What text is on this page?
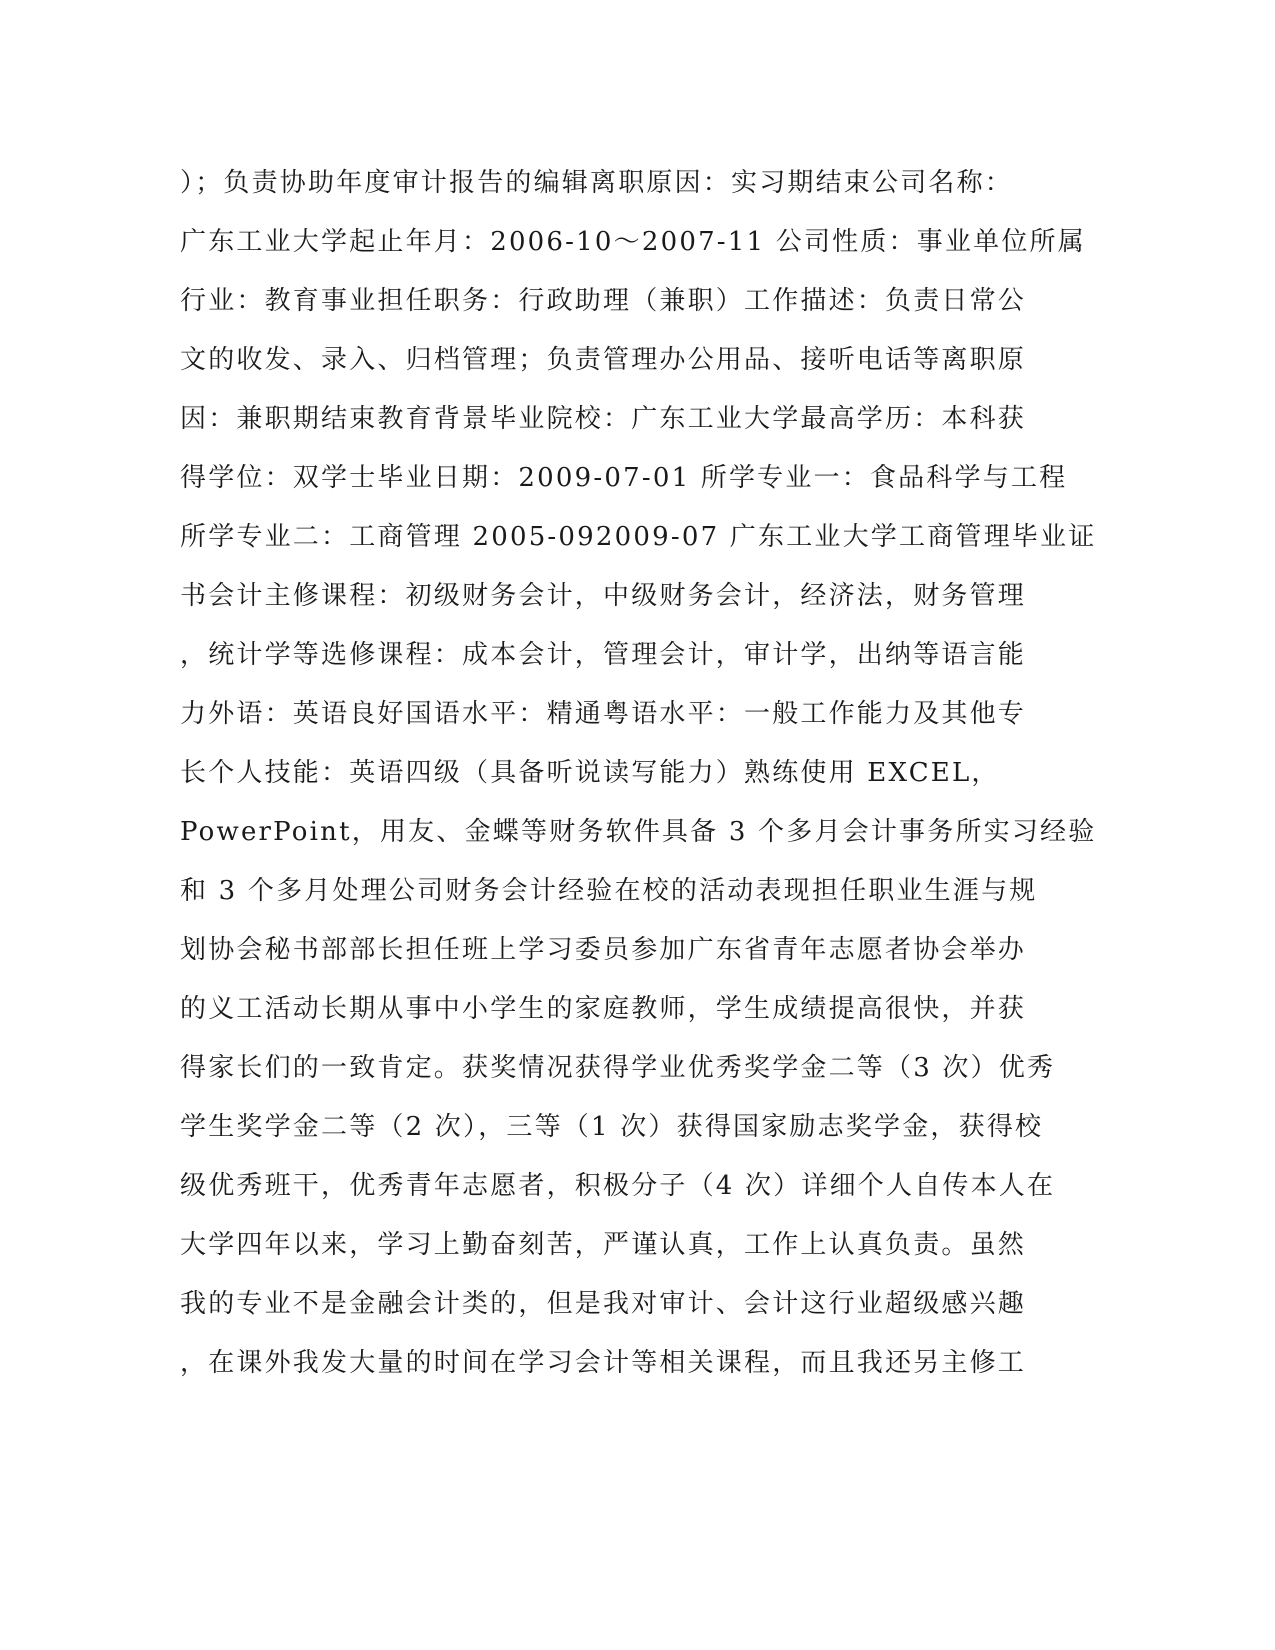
）；负责协助年度审计报告的编辑离职原因：实习期结束公司名称：
广东工业大学起止年月：2006-10～2007-11 公司性质：事业单位所属
行业：教育事业担任职务：行政助理（兼职）工作描述：负责日常公
文的收发、录入、归档管理；负责管理办公用品、接听电话等离职原
因：兼职期结束教育背景毕业院校：广东工业大学最高学历：本科获
得学位：双学士毕业日期：2009-07-01 所学专业一：食品科学与工程
所学专业二：工商管理 2005-092009-07 广东工业大学工商管理毕业证
书会计主修课程：初级财务会计，中级财务会计，经济法，财务管理
，统计学等选修课程：成本会计，管理会计，审计学，出纳等语言能
力外语：英语良好国语水平：精通粤语水平：一般工作能力及其他专
长个人技能：英语四级（具备听说读写能力）熟练使用 EXCEL，
PowerPoint，用友、金蝶等财务软件具备 3 个多月会计事务所实习经验
和 3 个多月处理公司财务会计经验在校的活动表现担任职业生涯与规
划协会秘书部部长担任班上学习委员参加广东省青年志愿者协会举办
的义工活动长期从事中小学生的家庭教师，学生成绩提高很快，并获
得家长们的一致肯定。获奖情况获得学业优秀奖学金二等（3 次）优秀
学生奖学金二等（2 次），三等（1 次）获得国家励志奖学金，获得校
级优秀班干，优秀青年志愿者，积极分子（4 次）详细个人自传本人在
大学四年以来，学习上勤奋刻苦，严谨认真，工作上认真负责。虽然
我的专业不是金融会计类的，但是我对审计、会计这行业超级感兴趣
，在课外我发大量的时间在学习会计等相关课程，而且我还另主修工
